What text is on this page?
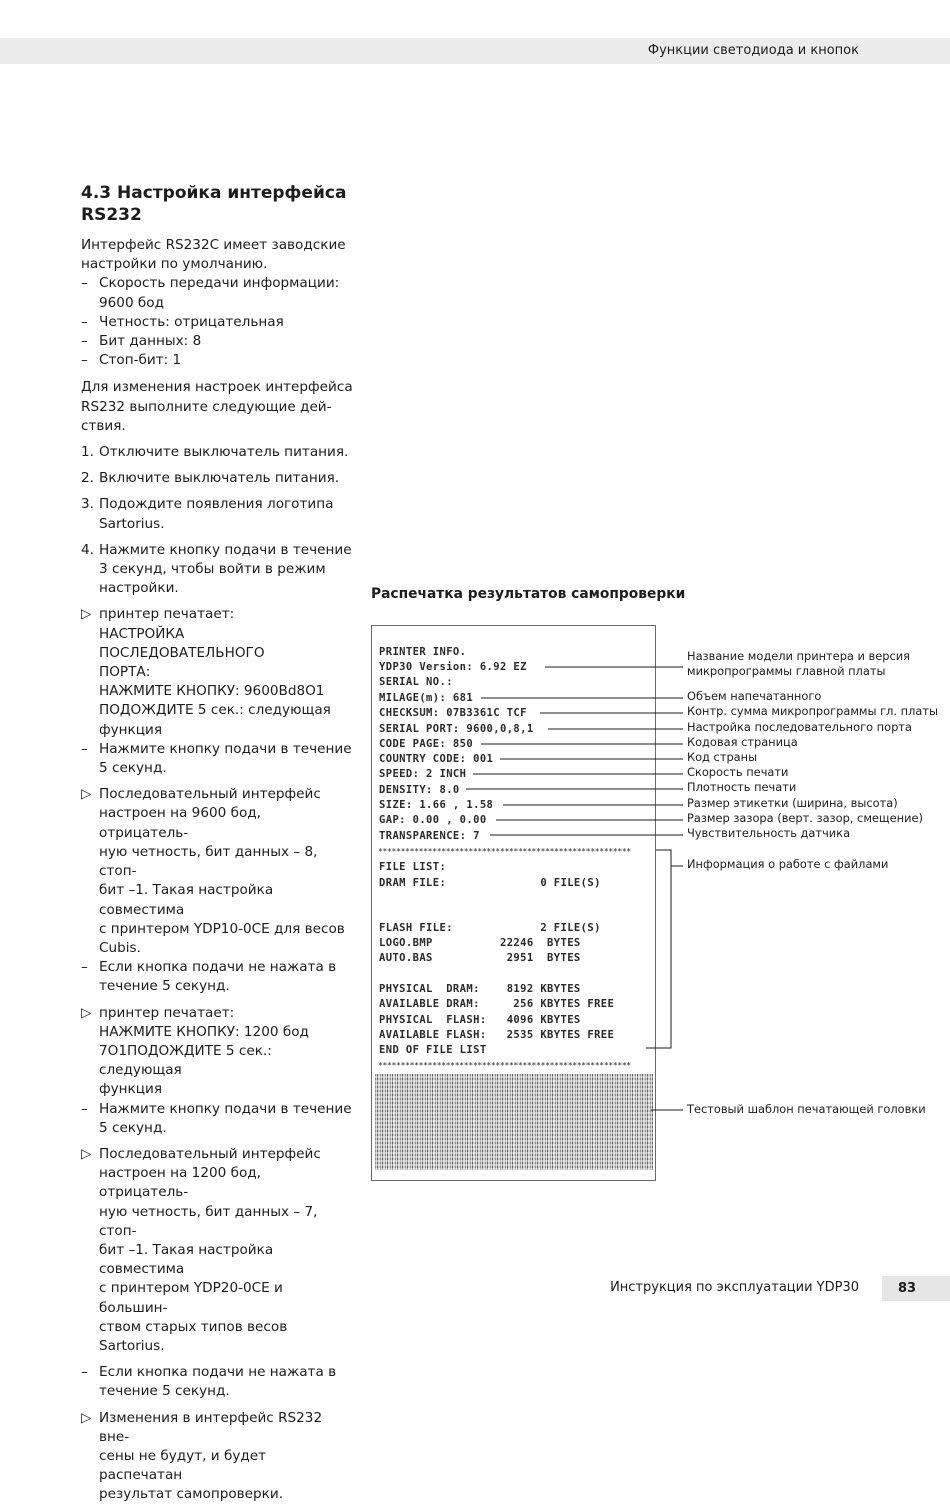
Функции светодиода и кнопок
4.3 Настройка интерфейса
RS232
Интерфейс RS232C имеет заводские
настройки по умолчанию.
– Скорость передачи информации:
9600 бод
– Четность: отрицательная
– Бит данных: 8
– Стоп-бит: 1
Для изменения настроек интерфейса
RS232 выполните следующие дей-
ствия.
1. Отключите выключатель питания.
2. Включите выключатель питания.
3. Подождите появления логотипа
Sartorius.
4. Нажмите кнопку подачи в течение
3 секунд, чтобы войти в режим
настройки.
▷ принтер печатает:
НАСТРОЙКА ПОСЛЕДОВАТЕЛЬНОГО
ПОРТА:
НАЖМИТЕ КНОПКУ: 9600Bd8O1
ПОДОЖДИТЕ 5 сек.: следующая
функция
– Нажмите кнопку подачи в течение
5 секунд.
▷ Последовательный интерфейс
настроен на 9600 бод, отрицатель-
ную четность, бит данных – 8, стоп-
бит –1. Такая настройка совместима
с принтером YDP10-0CE для весов
Cubis.
– Если кнопка подачи не нажата в
течение 5 секунд.
▷ принтер печатает:
НАЖМИТЕ КНОПКУ: 1200 бод
7O1ПОДОЖДИТЕ 5 сек.: следующая
функция
– Нажмите кнопку подачи в течение
5 секунд.
▷ Последовательный интерфейс
настроен на 1200 бод, отрицатель-
ную четность, бит данных – 7, стоп-
бит –1. Такая настройка совместима
с принтером YDP20-0CE и большин-
ством старых типов весов Sartorius.
– Если кнопка подачи не нажата в
течение 5 секунд.
▷ Изменения в интерфейс RS232 вне-
сены не будут, и будет распечатан
результат самопроверки.
Распечатка результатов самопроверки
PRINTER INFO.
YDP30 Version: 6.92 EZ
SERIAL NO.:
MILAGE(m): 681
CHECKSUM: 07B3361C TCF
SERIAL PORT: 9600,0,8,1
CODE PAGE: 850
COUNTRY CODE: 001
SPEED: 2 INCH
DENSITY: 8.0
SIZE: 1.66 , 1.58
GAP: 0.00 , 0.00
TRANSPARENCE: 7
********************************************************
FILE LIST:
DRAM FILE:              0 FILE(S)
FLASH FILE:             2 FILE(S)
LOGO.BMP          22246  BYTES
AUTO.BAS           2951  BYTES
PHYSICAL  DRAM:    8192 KBYTES
AVAILABLE DRAM:     256 KBYTES FREE
PHYSICAL  FLASH:   4096 KBYTES
AVAILABLE FLASH:   2535 KBYTES FREE
END OF FILE LIST
********************************************************
Название модели принтера и версия
микропрограммы главной платы
Объем напечатанного
Контр. сумма микропрограммы гл. платы
Настройка последовательного порта
Кодовая страница
Код страны
Скорость печати
Плотность печати
Размер этикетки (ширина, высота)
Размер зазора (верт. зазор, смещение)
Чувствительность датчика
Информация о работе с файлами
Тестовый шаблон печатающей головки
Инструкция по эксплуатации YDP30	83
